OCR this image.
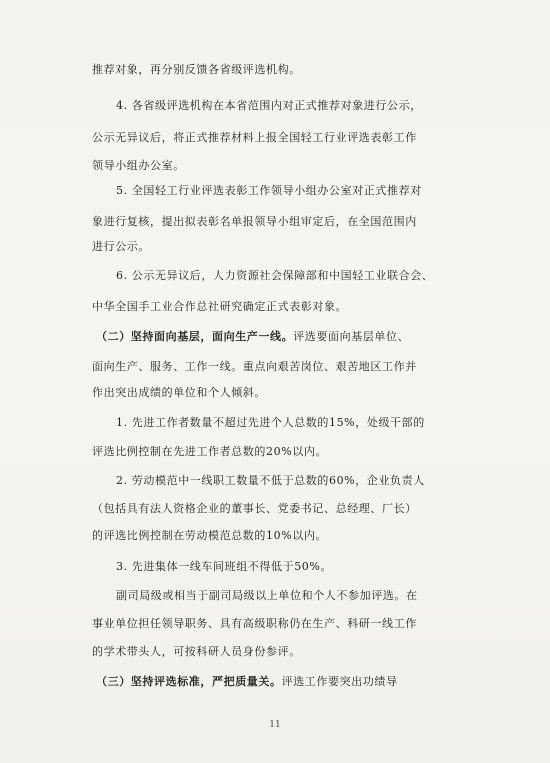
推荐对象，再分别反馈各省级评选机构。
4. 各省级评选机构在本省范围内对正式推荐对象进行公示，
公示无异议后，将正式推荐材料上报全国轻工行业评选表彰工作
领导小组办公室。
5. 全国轻工行业评选表彰工作领导小组办公室对正式推荐对
象进行复核，提出拟表彰名单报领导小组审定后，在全国范围内
进行公示。
6. 公示无异议后，人力资源社会保障部和中国轻工业联合会、
中华全国手工业合作总社研究确定正式表彰对象。
（二）坚持面向基层，面向生产一线。评选要面向基层单位、
面向生产、服务、工作一线。重点向艰苦岗位、艰苦地区工作并
作出突出成绩的单位和个人倾斜。
1. 先进工作者数量不超过先进个人总数的15%，处级干部的
评选比例控制在先进工作者总数的20%以内。
2. 劳动模范中一线职工数量不低于总数的60%，企业负责人
（包括具有法人资格企业的董事长、党委书记、总经理、厂长）
的评选比例控制在劳动模范总数的10%以内。
3. 先进集体一线车间班组不得低于50%。
副司局级或相当于副司局级以上单位和个人不参加评选。在
事业单位担任领导职务、具有高级职称仍在生产、科研一线工作
的学术带头人，可按科研人员身份参评。
（三）坚持评选标准，严把质量关。评选工作要突出功绩导
11
